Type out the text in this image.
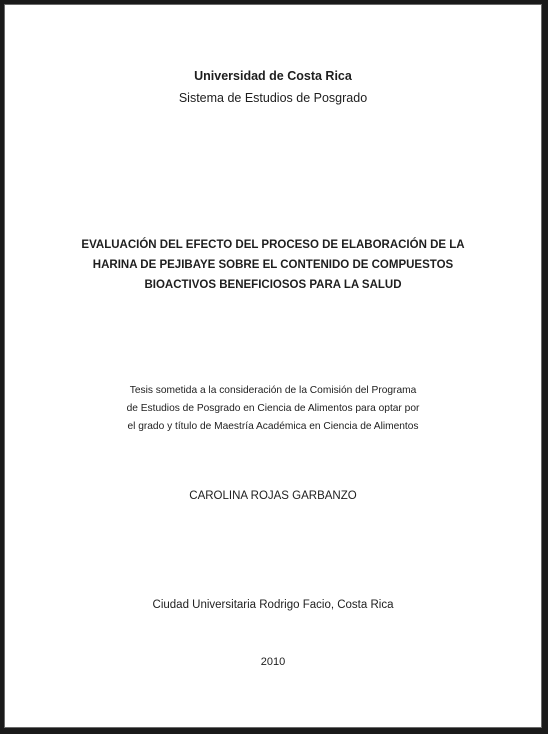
Universidad de Costa Rica
Sistema de Estudios de Posgrado
EVALUACIÓN DEL EFECTO DEL PROCESO DE ELABORACIÓN DE LA
HARINA DE PEJIBAYE SOBRE EL CONTENIDO DE COMPUESTOS
BIOACTIVOS BENEFICIOSOS PARA LA SALUD
Tesis sometida a la consideración de la Comisión del Programa
de Estudios de Posgrado en Ciencia de Alimentos para optar por
el grado y título de Maestría Académica en Ciencia de Alimentos
CAROLINA ROJAS GARBANZO
Ciudad Universitaria Rodrigo Facio, Costa Rica
2010
